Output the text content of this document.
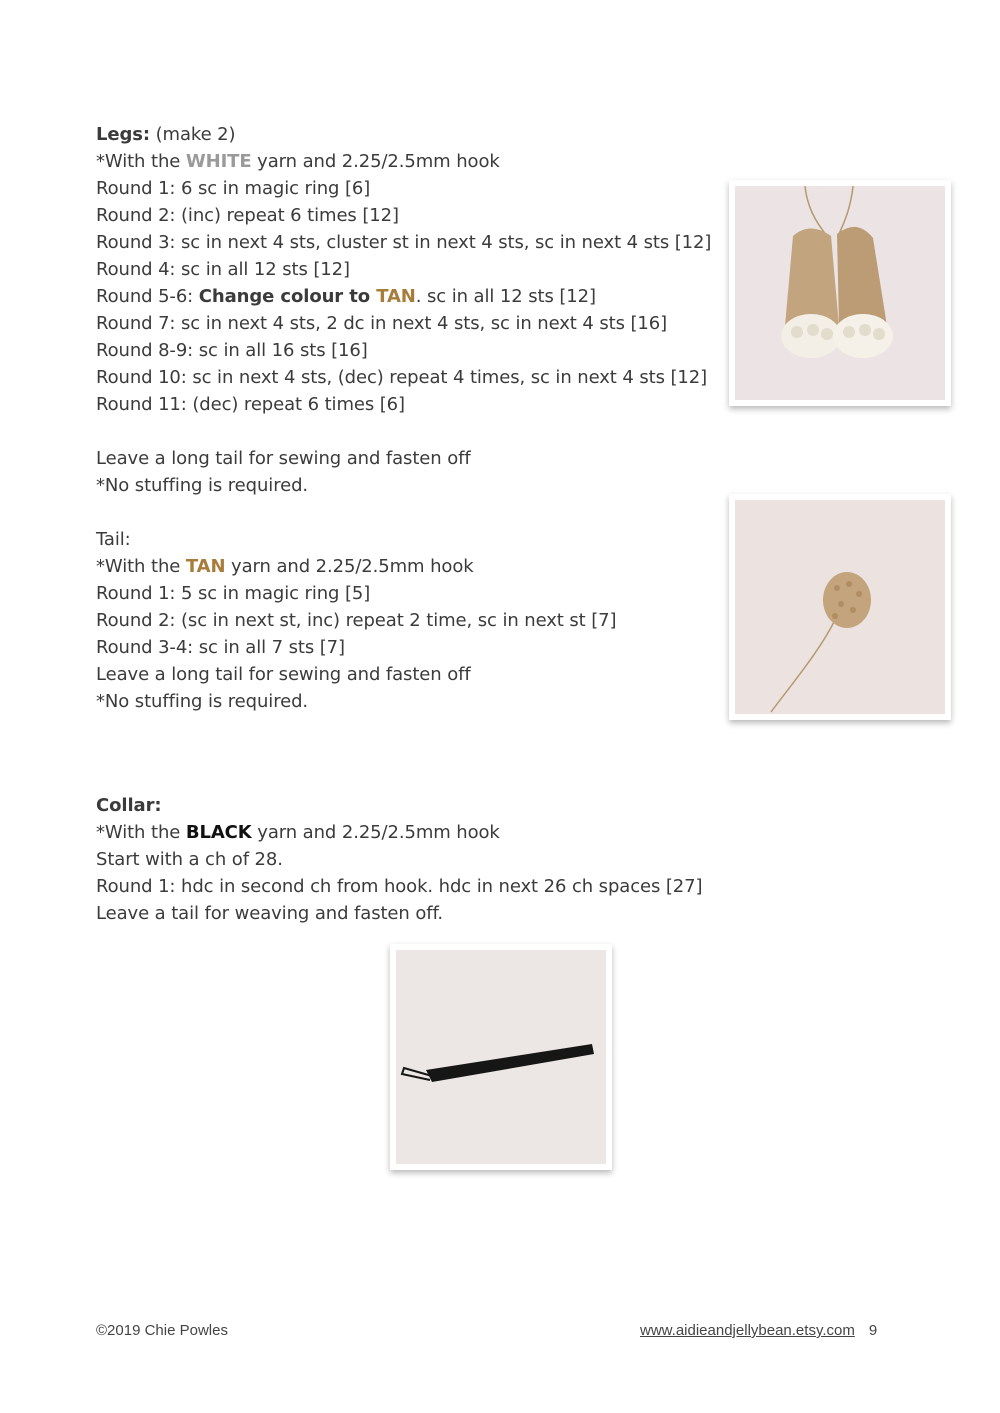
Legs: (make 2)
*With the WHITE yarn and 2.25/2.5mm hook
Round 1: 6 sc in magic ring [6]
Round 2: (inc) repeat 6 times [12]
Round 3: sc in next 4 sts, cluster st in next 4 sts, sc in next 4 sts [12]
Round 4: sc in all 12 sts [12]
Round 5-6: Change colour to TAN. sc in all 12 sts [12]
Round 7: sc in next 4 sts, 2 dc in next 4 sts, sc in next 4 sts [16]
Round 8-9: sc in all 16 sts [16]
Round 10: sc in next 4 sts, (dec) repeat 4 times, sc in next 4 sts [12]
Round 11: (dec) repeat 6 times [6]
Leave a long tail for sewing and fasten off
*No stuffing is required.
Tail:
*With the TAN yarn and 2.25/2.5mm hook
Round 1: 5 sc in magic ring [5]
Round 2: (sc in next st, inc) repeat 2 time, sc in next st [7]
Round 3-4: sc in all 7 sts [7]
Leave a long tail for sewing and fasten off
*No stuffing is required.
Collar:
*With the BLACK yarn and 2.25/2.5mm hook
Start with a ch of 28.
Round 1: hdc in second ch from hook. hdc in next 26 ch spaces [27]
Leave a tail for weaving and fasten off.
©2019 Chie Powles	www.aidieandjellybean.etsy.com 9
